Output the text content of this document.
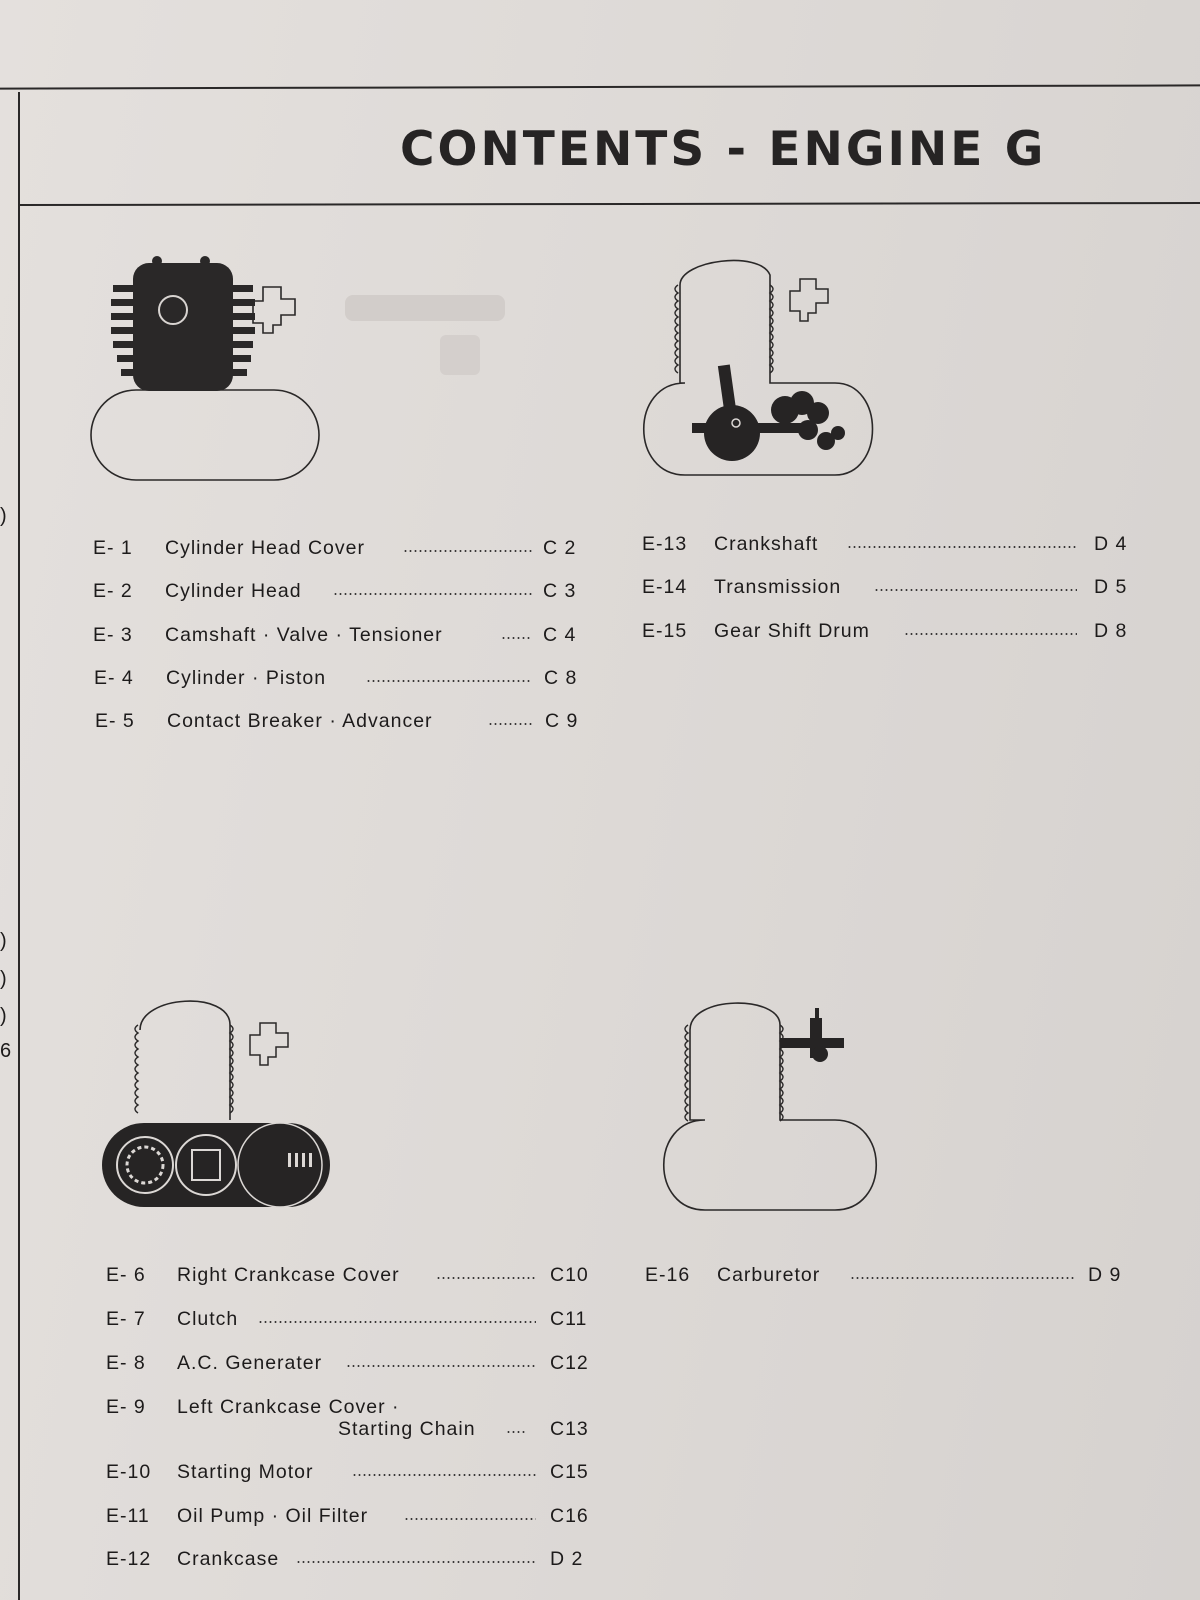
CONTENTS - ENGINE G
)
)
)
)
6
E- 1 Cylinder Head Cover	C 2
E- 2 Cylinder Head	C 3
E- 3 Camshaft · Valve · Tensioner	C 4
E- 4 Cylinder · Piston	C 8
E- 5 Contact Breaker · Advancer	C 9
E-13 Crankshaft	D 4
E-14 Transmission	D 5
E-15 Gear Shift Drum	D 8
E- 6 Right Crankcase Cover	C10
E- 7 Clutch	C11
E- 8 A.C. Generater	C12
E- 9 Left Crankcase Cover ·
Starting Chain	C13
E-10 Starting Motor	C15
E-11 Oil Pump · Oil Filter	C16
E-12 Crankcase	D 2
E-16 Carburetor	D 9
